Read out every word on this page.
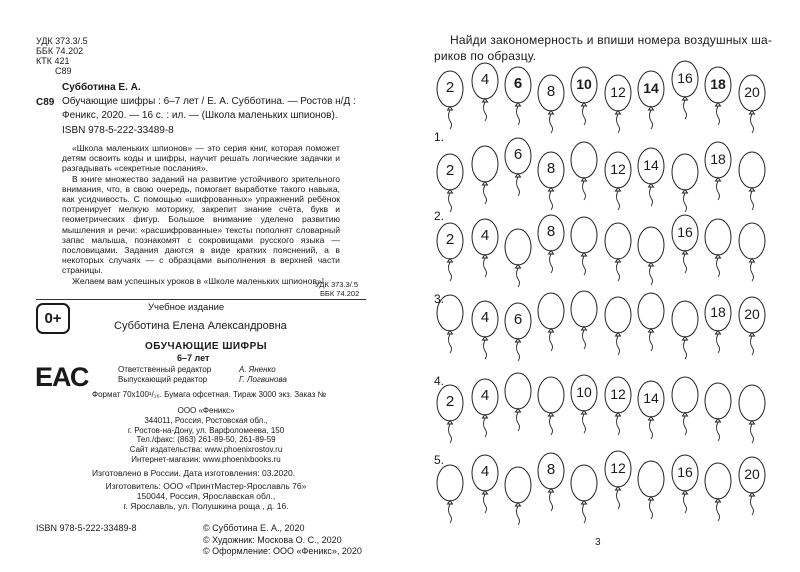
УДК 373.3/.5
ББК 74.202
КТК 421
С89
Субботина Е. А.
С89 Обучающие шифры : 6–7 лет / Е. А. Субботина. — Ростов н/Д :
Феникс, 2020. — 16 с. : ил. — (Школа маленьких шпионов).
ISBN 978-5-222-33489-8

«Школа маленьких шпионов» — это серия книг, которая поможет детям освоить коды и шифры, научит решать логические задачки и разгадывать «секретные послания».

В книге множество заданий на развитие устойчивого зрительного внимания, что, в свою очередь, помогает выработке такого навыка, как усидчивость. С помощью «шифрованных» упражнений ребёнок потренирует мелкую моторику, закрепит знание счёта, букв и геометрических фигур. Большое внимание уделено развитию мышления и речи: «расшифрованные» тексты пополнят словарный запас малыша, познакомят с сокровищами русского языка — пословицами. Задания даются в виде кратких пояснений, а в некоторых случаях — с образцами выполнения в верхней части страницы.

Желаем вам успешных уроков в «Школе маленьких шпионов»!

УДК 373.3/.5
ББК 74.202
Учебное издание
0+	Субботина Елена Александровна
ОБУЧАЮЩИЕ ШИФРЫ
6–7 лет
ЕАС	Ответственный редактор	А. Яненко
Выпускающий редактор	Г. Логвинова
Формат 70х100¹/₁₆. Бумага офсетная. Тираж 3000 экз. Заказ №
ООО «Феникс»
344011, Россия, Ростовская обл.,
г. Ростов-на-Дону, ул. Варфоломеева, 150
Тел./факс: (863) 261-89-50, 261-89-59
Сайт издательства: www.phoenixrostov.ru
Интернет-магазин: www.phoenixbooks.ru
Изготовлено в России. Дата изготовления: 03.2020.
Изготовитель: ООО «ПринтМастер-Ярославль 76»
150044, Россия, Ярославская обл.,
г. Ярославль, ул. Полушкина роща , д. 16.
ISBN 978-5-222-33489-8	© Субботина Е. А., 2020
© Художник: Москова О. С., 2020
© Оформление: ООО «Феникс», 2020
Найди закономерность и впиши номера воздушных ша-
риков по образцу.
2	4	6	8	10	12	14
16	18	20
1.
2
6
8	12	14	18
2.
2	4	8	16
3.
4	6	18	20
4.
2	4	10	12	14
5.
4	8	12	16	20
3
